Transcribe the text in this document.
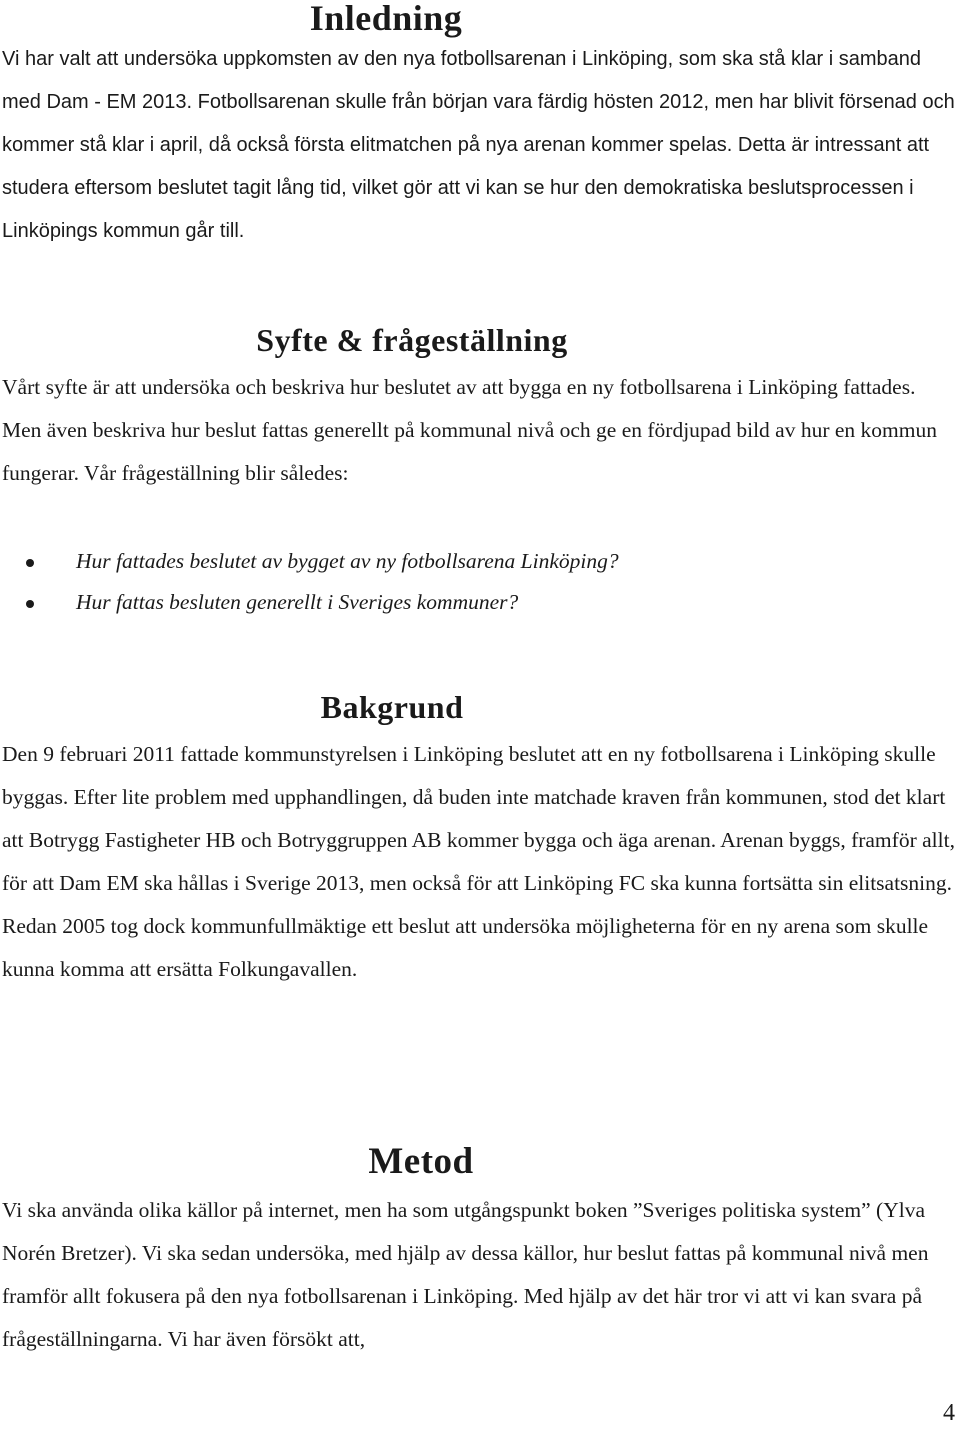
Inledning

Vi har valt att undersöka uppkomsten av den nya fotbollsarenan i Linköping, som ska stå klar i samband med Dam - EM 2013. Fotbollsarenan skulle från början vara färdig hösten 2012, men har blivit försenad och kommer stå klar i april, då också första elitmatchen på nya arenan kommer spelas. Detta är intressant att studera eftersom beslutet tagit lång tid, vilket gör att vi kan se hur den demokratiska beslutsprocessen i Linköpings kommun går till.

Syfte & frågeställning

Vårt syfte är att undersöka och beskriva hur beslutet av att bygga en ny fotbollsarena i Linköping fattades. Men även beskriva hur beslut fattas generellt på kommunal nivå och ge en fördjupad bild av hur en kommun fungerar. Vår frågeställning blir således:

Hur fattades beslutet av bygget av ny fotbollsarena Linköping?
Hur fattas besluten generellt i Sveriges kommuner?
Bakgrund

Den 9 februari 2011 fattade kommunstyrelsen i Linköping beslutet att en ny fotbollsarena i Linköping skulle byggas. Efter lite problem med upphandlingen, då buden inte matchade kraven från kommunen, stod det klart att Botrygg Fastigheter HB och Botryggruppen AB kommer bygga och äga arenan. Arenan byggs, framför allt, för att Dam EM ska hållas i Sverige 2013, men också för att Linköping FC ska kunna fortsätta sin elitsatsning. Redan 2005 tog dock kommunfullmäktige ett beslut att undersöka möjligheterna för en ny arena som skulle kunna komma att ersätta Folkungavallen.

Metod

Vi ska använda olika källor på internet, men ha som utgångspunkt boken ”Sveriges politiska system” (Ylva Norén Bretzer). Vi ska sedan undersöka, med hjälp av dessa källor, hur beslut fattas på kommunal nivå men framför allt fokusera på den nya fotbollsarenan i Linköping. Med hjälp av det här tror vi att vi kan svara på frågeställningarna. Vi har även försökt att,

4
